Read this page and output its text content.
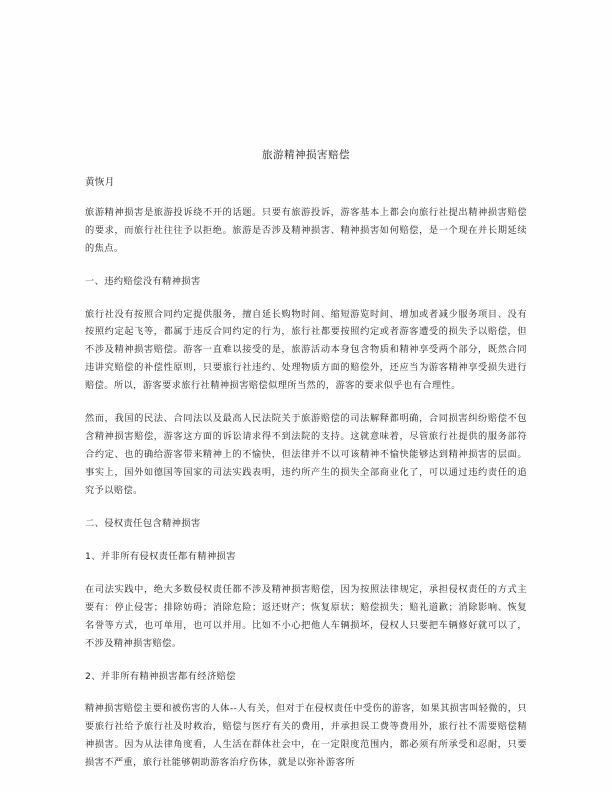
旅游精神损害赔偿
黄恢月

旅游精神损害是旅游投诉绕不开的话题。只要有旅游投诉，游客基本上都会向旅行社提出精神损害赔偿的要求，而旅行社往往予以拒绝。旅游是否涉及精神损害、精神损害如何赔偿，是一个现在并长期延续的焦点。

一、违约赔偿没有精神损害

旅行社没有按照合同约定提供服务，擅自延长购物时间、缩短游览时间、增加或者减少服务项目、没有按照约定起飞等，都属于违反合同约定的行为，旅行社都要按照约定或者游客遭受的损失予以赔偿，但不涉及精神损害赔偿。游客一直难以接受的是，旅游活动本身包含物质和精神享受两个部分，既然合同违讲究赔偿的补偿性原则，只要旅行社违约、处理物质方面的赔偿外，还应当为游客精神享受损失进行赔偿。所以，游客要求旅行社精神损害赔偿似理所当然的，游客的要求似乎也有合理性。

然而，我国的民法、合同法以及最高人民法院关于旅游赔偿的司法解释都明确，合同损害纠纷赔偿不包含精神损害赔偿，游客这方面的诉讼请求得不到法院的支持。这就意味着，尽管旅行社提供的服务部符合约定、也的确给游客带来精神上的不愉快，但法律并不以可该精神不愉快能够达到精神损害的层面。事实上，国外如德国等国家的司法实践表明，违约所产生的损失全部商业化了，可以通过违约责任的追究予以赔偿。

二、侵权责任包含精神损害

1、并非所有侵权责任都有精神损害

在司法实践中，绝大多数侵权责任都不涉及精神损害赔偿，因为按照法律规定，承担侵权责任的方式主要有：停止侵害；排除妨碍；消除危险；返还财产；恢复原状；赔偿损失；赔礼道歉；消除影响、恢复名誉等方式，也可单用，也可以并用。比如不小心把他人车辆损坏，侵权人只要把车辆修好就可以了，不涉及精神损害赔偿。

2、并非所有精神损害都有经济赔偿

精神损害赔偿主要和被伤害的人体--人有关，但对于在侵权责任中受伤的游客，如果其损害叫轻微的，只要旅行社给予旅行社及时救治，赔偿与医疗有关的费用，并承担误工费等费用外，旅行社不需要赔偿精神损害。因为从法律角度看，人生活在群体社会中，在一定限度范围内，都必须有所承受和忍耐，只要损害不严重，旅行社能够朝助游客治疗伤体，就是以弥补游客所
